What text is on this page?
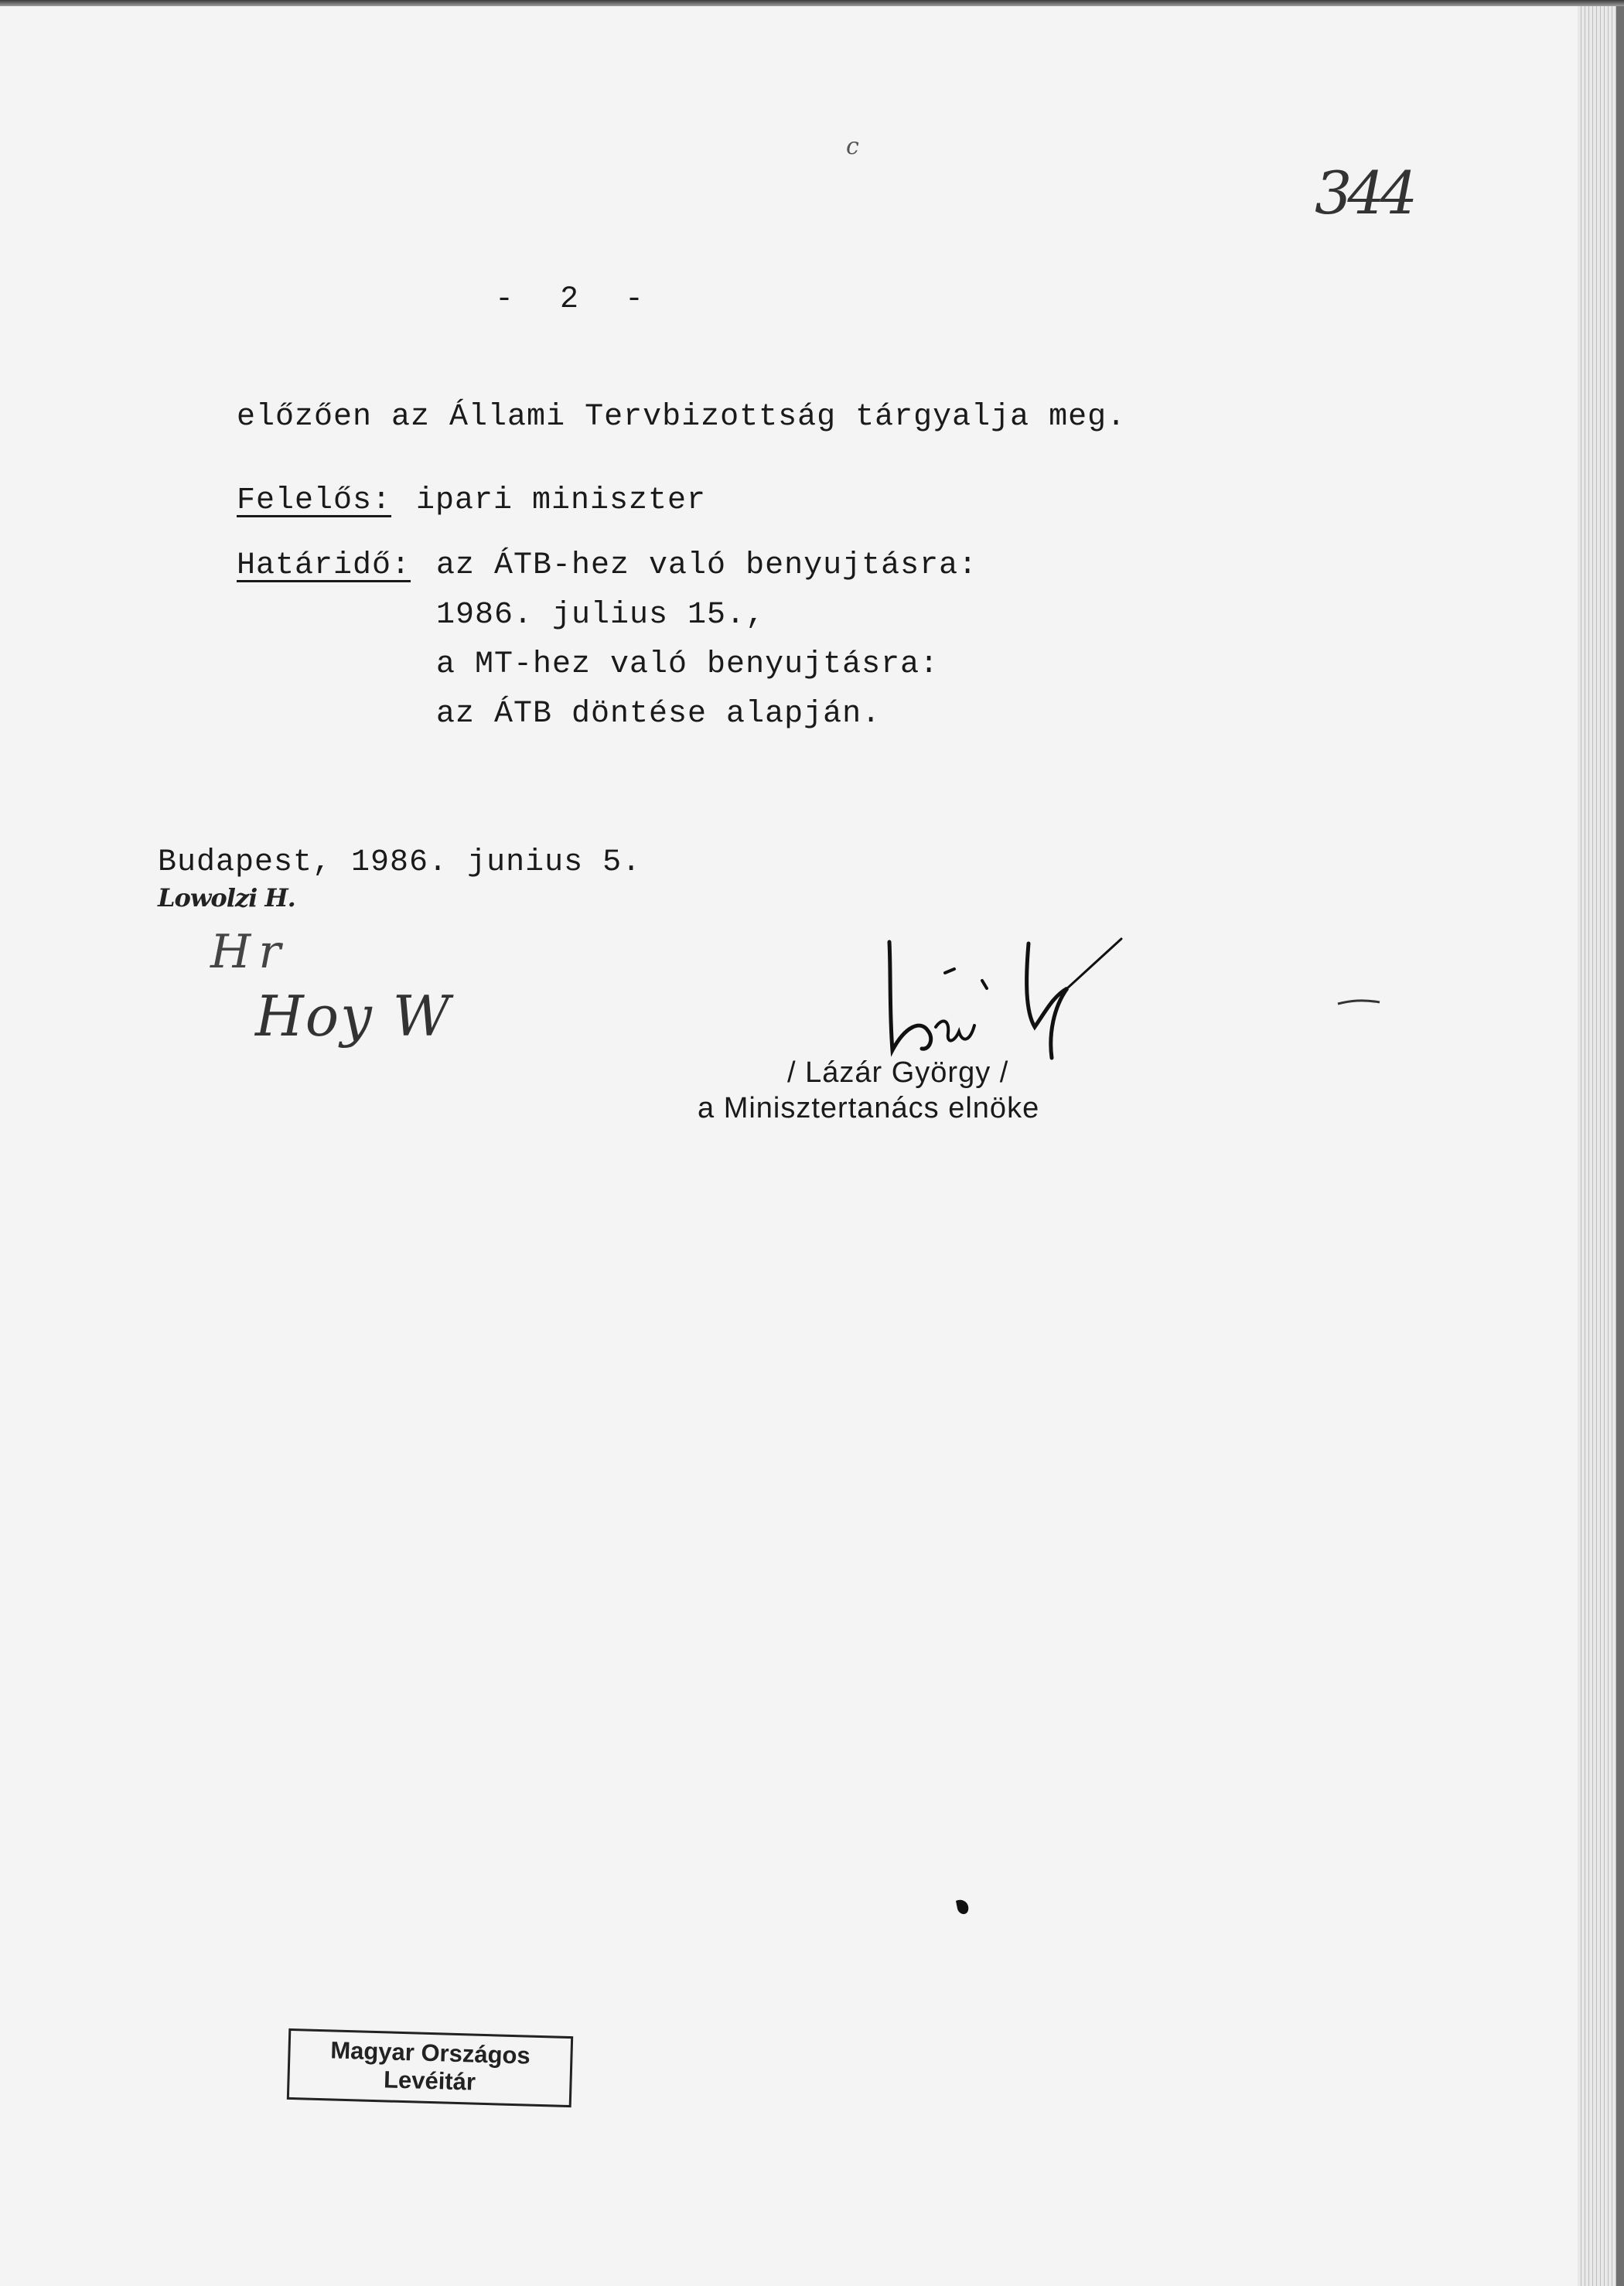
344
c
- 2 -
előzően az Állami Tervbizottság tárgyalja meg.
Felelős: ipari miniszter
Határidő: az ÁTB-hez való benyujtásra:
1986. julius 15.,
a MT-hez való benyujtásra:
az ÁTB döntése alapján.
Budapest, 1986. junius 5.
Lowolzi H.
Hr
Hoy W
/ Lázár György /
a Minisztertanács elnöke
Magyar Országos
Levéitár
